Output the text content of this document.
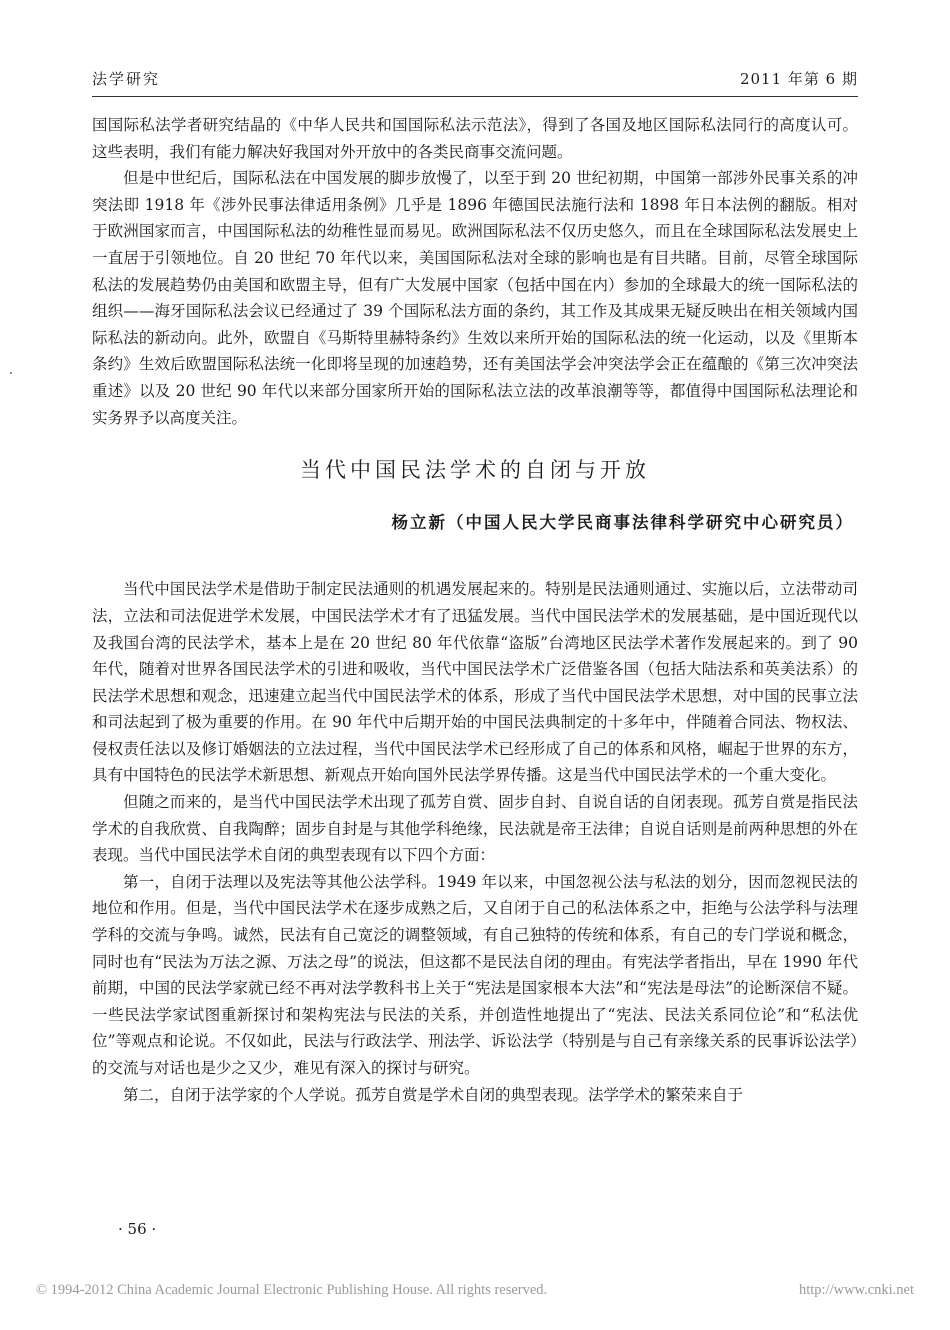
法学研究	2011 年第 6 期

国国际私法学者研究结晶的《中华人民共和国国际私法示范法》，得到了各国及地区国际私法同行的高度认可。这些表明，我们有能力解决好我国对外开放中的各类民商事交流问题。

但是中世纪后，国际私法在中国发展的脚步放慢了，以至于到 20 世纪初期，中国第一部涉外民事关系的冲突法即 1918 年《涉外民事法律适用条例》几乎是 1896 年德国民法施行法和 1898 年日本法例的翻版。相对于欧洲国家而言，中国国际私法的幼稚性显而易见。欧洲国际私法不仅历史悠久，而且在全球国际私法发展史上一直居于引领地位。自 20 世纪 70 年代以来，美国国际私法对全球的影响也是有目共睹。目前，尽管全球国际私法的发展趋势仍由美国和欧盟主导，但有广大发展中国家（包括中国在内）参加的全球最大的统一国际私法的组织——海牙国际私法会议已经通过了 39 个国际私法方面的条约，其工作及其成果无疑反映出在相关领域内国际私法的新动向。此外，欧盟自《马斯特里赫特条约》生效以来所开始的国际私法的统一化运动，以及《里斯本条约》生效后欧盟国际私法统一化即将呈现的加速趋势，还有美国法学会冲突法学会正在蕴酿的《第三次冲突法重述》以及 20 世纪 90 年代以来部分国家所开始的国际私法立法的改革浪潮等等，都值得中国国际私法理论和实务界予以高度关注。

当代中国民法学术的自闭与开放
杨立新（中国人民大学民商事法律科学研究中心研究员）

当代中国民法学术是借助于制定民法通则的机遇发展起来的。特别是民法通则通过、实施以后，立法带动司法，立法和司法促进学术发展，中国民法学术才有了迅猛发展。当代中国民法学术的发展基础，是中国近现代以及我国台湾的民法学术，基本上是在 20 世纪 80 年代依靠“盗版”台湾地区民法学术著作发展起来的。到了 90 年代，随着对世界各国民法学术的引进和吸收，当代中国民法学术广泛借鉴各国（包括大陆法系和英美法系）的民法学术思想和观念，迅速建立起当代中国民法学术的体系，形成了当代中国民法学术思想，对中国的民事立法和司法起到了极为重要的作用。在 90 年代中后期开始的中国民法典制定的十多年中，伴随着合同法、物权法、侵权责任法以及修订婚姻法的立法过程，当代中国民法学术已经形成了自己的体系和风格，崛起于世界的东方，具有中国特色的民法学术新思想、新观点开始向国外民法学界传播。这是当代中国民法学术的一个重大变化。

但随之而来的，是当代中国民法学术出现了孤芳自赏、固步自封、自说自话的自闭表现。孤芳自赏是指民法学术的自我欣赏、自我陶醉；固步自封是与其他学科绝缘，民法就是帝王法律；自说自话则是前两种思想的外在表现。当代中国民法学术自闭的典型表现有以下四个方面：

第一，自闭于法理以及宪法等其他公法学科。1949 年以来，中国忽视公法与私法的划分，因而忽视民法的地位和作用。但是，当代中国民法学术在逐步成熟之后，又自闭于自己的私法体系之中，拒绝与公法学科与法理学科的交流与争鸣。诚然，民法有自己宽泛的调整领域，有自己独特的传统和体系，有自己的专门学说和概念，同时也有“民法为万法之源、万法之母”的说法，但这都不是民法自闭的理由。有宪法学者指出，早在 1990 年代前期，中国的民法学家就已经不再对法学教科书上关于“宪法是国家根本大法”和“宪法是母法”的论断深信不疑。一些民法学家试图重新探讨和架构宪法与民法的关系，并创造性地提出了“宪法、民法关系同位论”和“私法优位”等观点和论说。不仅如此，民法与行政法学、刑法学、诉讼法学（特别是与自己有亲缘关系的民事诉讼法学）的交流与对话也是少之又少，难见有深入的探讨与研究。

第二，自闭于法学家的个人学说。孤芳自赏是学术自闭的典型表现。法学学术的繁荣来自于

· 56 ·
© 1994-2012 China Academic Journal Electronic Publishing House. All rights reserved.	http://www.cnki.net
